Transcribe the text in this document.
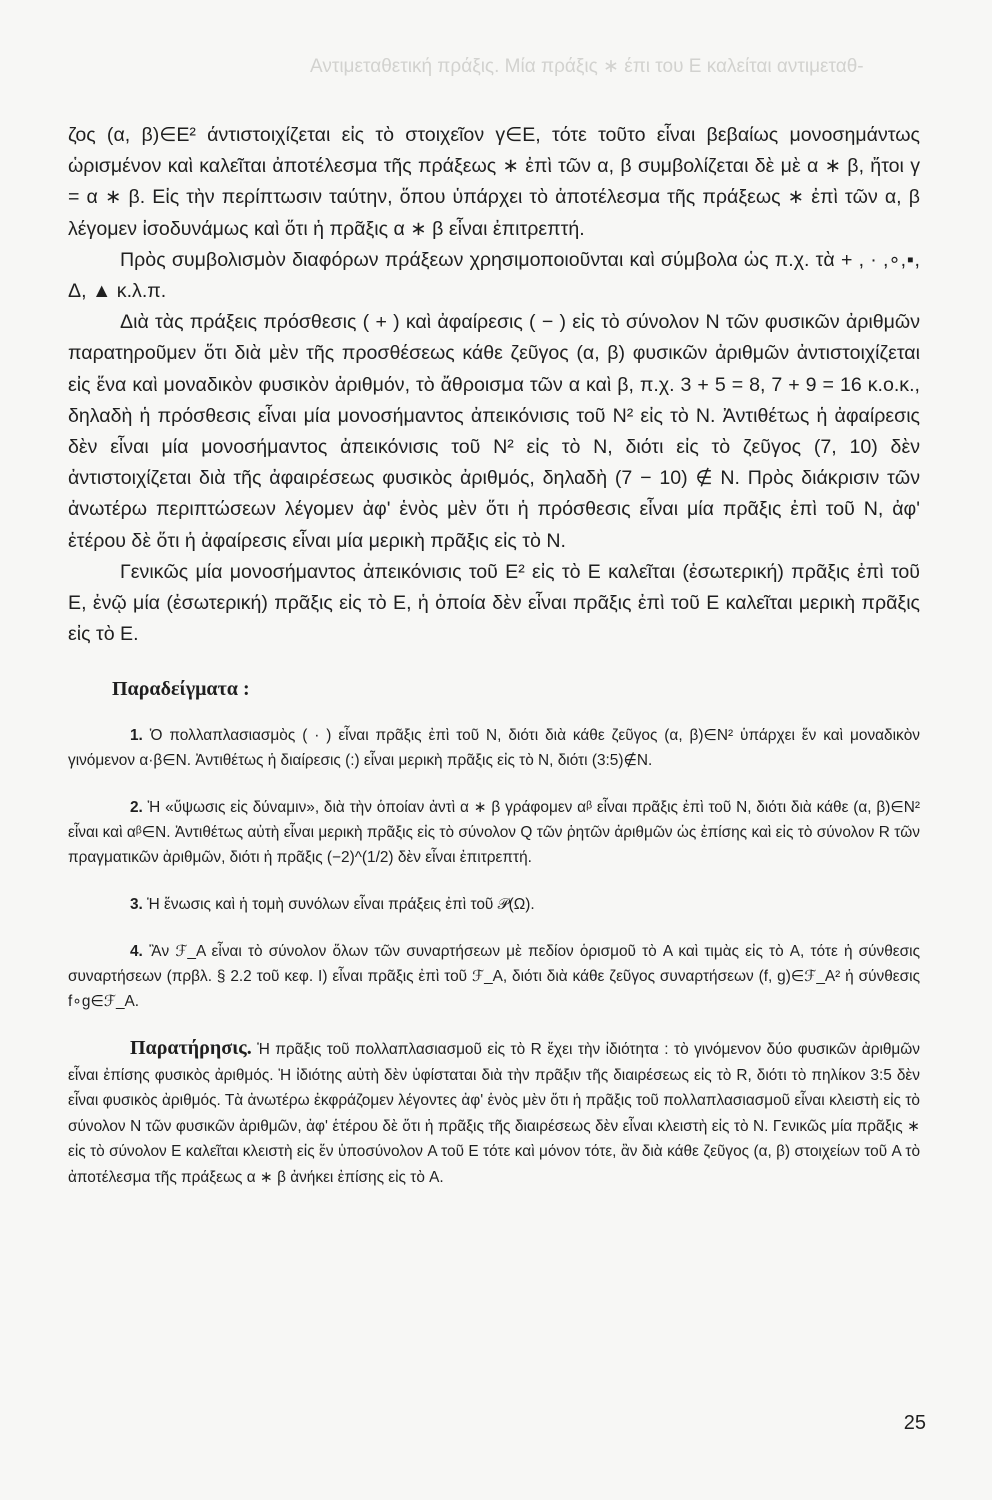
Αντιμεταθετική πράξις. Μία πράξις ∗ έπι του Ε καλείται αντιμεταθ-

ζος (α, β)∈E² άντιστοιχίζεται εἰς τὸ στοιχεῖον γ∈E, τότε τοῦτο εἶναι βεβαίως μονοσημάντως ὡρισμένον καὶ καλεῖται ἀποτέλεσμα τῆς πράξεως ∗ ἐπὶ τῶν α, β συμβολίζεται δὲ μὲ α ∗ β, ἤτοι γ = α ∗ β. Εἰς τὴν περίπτωσιν ταύτην, ὅπου ὑπάρχει τὸ ἀποτέλεσμα τῆς πράξεως ∗ ἐπὶ τῶν α, β λέγομεν ἰσοδυνάμως καὶ ὅτι ἡ πρᾶξις α ∗ β εἶναι ἐπιτρεπτή.

Πρὸς συμβολισμὸν διαφόρων πράξεων χρησιμοποιοῦνται καὶ σύμβολα ὡς π.χ. τὰ + , · ,∘,▪, Δ, ▲ κ.λ.π.

Διὰ τὰς πράξεις πρόσθεσις ( + ) καὶ ἀφαίρεσις ( − ) εἰς τὸ σύνολον N τῶν φυσικῶν ἀριθμῶν παρατηροῦμεν ὅτι διὰ μὲν τῆς προσθέσεως κάθε ζεῦγος (α, β) φυσικῶν ἀριθμῶν ἀντιστοιχίζεται εἰς ἕνα καὶ μοναδικὸν φυσικὸν ἀριθμόν, τὸ ἄθροισμα τῶν α καὶ β, π.χ. 3 + 5 = 8, 7 + 9 = 16 κ.ο.κ., δηλαδὴ ἡ πρόσθεσις εἶναι μία μονοσήμαντος ἀπεικόνισις τοῦ N² εἰς τὸ N. Ἀντιθέτως ἡ ἀφαίρεσις δὲν εἶναι μία μονοσήμαντος ἀπεικόνισις τοῦ N² εἰς τὸ N, διότι εἰς τὸ ζεῦγος (7, 10) δὲν ἀντιστοιχίζεται διὰ τῆς ἀφαιρέσεως φυσικὸς ἀριθμός, δηλαδὴ (7 − 10) ∉ N. Πρὸς διάκρισιν τῶν ἀνωτέρω περιπτώσεων λέγομεν ἀφ' ἑνὸς μὲν ὅτι ἡ πρόσθεσις εἶναι μία πρᾶξις ἐπὶ τοῦ N, ἀφ' ἑτέρου δὲ ὅτι ἡ ἀφαίρεσις εἶναι μία μερικὴ πρᾶξις εἰς τὸ N.

Γενικῶς μία μονοσήμαντος ἀπεικόνισις τοῦ E² εἰς τὸ E καλεῖται (ἐσωτερική) πρᾶξις ἐπὶ τοῦ E, ἐνῷ μία (ἐσωτερική) πρᾶξις εἰς τὸ E, ἡ ὁποία δὲν εἶναι πρᾶξις ἐπὶ τοῦ E καλεῖται μερικὴ πρᾶξις εἰς τὸ E.

Παραδείγματα :

1. Ὁ πολλαπλασιασμὸς ( · ) εἶναι πρᾶξις ἐπὶ τοῦ N, διότι διὰ κάθε ζεῦγος (α, β)∈N² ὑπάρχει ἕν καὶ μοναδικὸν γινόμενον α·β∈N. Ἀντιθέτως ἡ διαίρεσις (:) εἶναι μερικὴ πρᾶξις εἰς τὸ N, διότι (3:5)∉N.

2. Ἡ «ὕψωσις εἰς δύναμιν», διὰ τὴν ὁποίαν ἀντὶ α ∗ β γράφομεν αᵝ εἶναι πρᾶξις ἐπὶ τοῦ N, διότι διὰ κάθε (α, β)∈N² εἶναι καὶ αᵝ∈N. Ἀντιθέτως αὐτὴ εἶναι μερικὴ πρᾶξις εἰς τὸ σύνολον Q τῶν ῥητῶν ἀριθμῶν ὡς ἐπίσης καὶ εἰς τὸ σύνολον R τῶν πραγματικῶν ἀριθμῶν, διότι ἡ πρᾶξις (−2)^(1/2) δὲν εἶναι ἐπιτρεπτή.

3. Ἡ ἕνωσις καὶ ἡ τομὴ συνόλων εἶναι πράξεις ἐπὶ τοῦ 𝒫(Ω).

4. Ἂν ℱ_A εἶναι τὸ σύνολον ὅλων τῶν συναρτήσεων μὲ πεδίον ὁρισμοῦ τὸ A καὶ τιμὰς εἰς τὸ A, τότε ἡ σύνθεσις συναρτήσεων (πρβλ. § 2.2 τοῦ κεφ. I) εἶναι πρᾶξις ἐπὶ τοῦ ℱ_A, διότι διὰ κάθε ζεῦγος συναρτήσεων (f, g)∈ℱ_A² ἡ σύνθεσις f∘g∈ℱ_A.

Παρατήρησις. Ἡ πρᾶξις τοῦ πολλαπλασιασμοῦ εἰς τὸ R ἔχει τὴν ἰδιότητα : τὸ γινόμενον δύο φυσικῶν ἀριθμῶν εἶναι ἐπίσης φυσικὸς ἀριθμός. Ἡ ἰδιότης αὐτὴ δὲν ὑφίσταται διὰ τὴν πρᾶξιν τῆς διαιρέσεως εἰς τὸ R, διότι τὸ πηλίκον 3:5 δὲν εἶναι φυσικὸς ἀριθμός. Τὰ ἀνωτέρω ἐκφράζομεν λέγοντες ἀφ' ἑνὸς μὲν ὅτι ἡ πρᾶξις τοῦ πολλαπλασιασμοῦ εἶναι κλειστὴ εἰς τὸ σύνολον N τῶν φυσικῶν ἀριθμῶν, ἀφ' ἑτέρου δὲ ὅτι ἡ πρᾶξις τῆς διαιρέσεως δὲν εἶναι κλειστὴ εἰς τὸ N. Γενικῶς μία πρᾶξις ∗ εἰς τὸ σύνολον E καλεῖται κλειστὴ εἰς ἕν ὑποσύνολον A τοῦ E τότε καὶ μόνον τότε, ἂν διὰ κάθε ζεῦγος (α, β) στοιχείων τοῦ A τὸ ἀποτέλεσμα τῆς πράξεως α ∗ β ἀνήκει ἐπίσης εἰς τὸ A.

25
